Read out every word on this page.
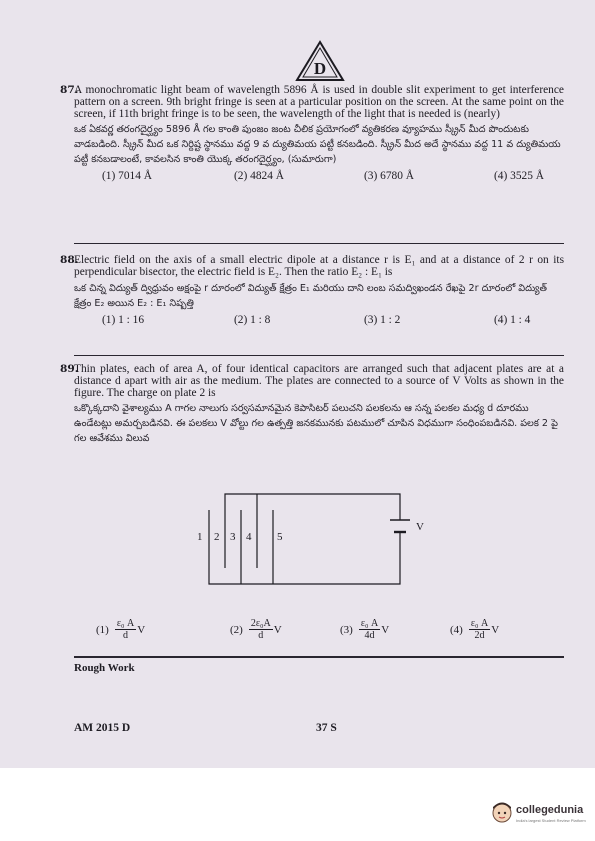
D
87.
A monochromatic light beam of wavelength 5896 Å is used in double slit experiment to get interference pattern on a screen. 9th bright fringe is seen at a particular position on the screen. At the same point on the screen, if 11th bright fringe is to be seen, the wavelength of the light that is needed is (nearly)
ఒక ఏకవర్ణ తరంగదైర్ఘ్యం 5896 Å గల కాంతి పుంజం జంట చీలిక ప్రయోగంలో వ్యతికరణ వ్యూహము స్క్రీన్ మీద పొందుటకు వాడబడింది. స్క్రీన్ మీద ఒక నిర్దిష్ట స్థానము వద్ద 9 వ ద్యుతిమయ పట్టీ కనబడింది. స్క్రీన్ మీద అదే స్థానము వద్ద 11 వ ద్యుతిమయ పట్టీ కనబడాలంటే, కావలసిన కాంతి యొక్క తరంగదైర్ఘ్యం, (సుమారుగా)
(1) 7014 Å	(2) 4824 Å	(3) 6780 Å	(4) 3525 Å
88.
Electric field on the axis of a small electric dipole at a distance r is E₁ and at a distance of 2 r on its perpendicular bisector, the electric field is E₂. Then the ratio E₂ : E₁ is
ఒక చిన్న విద్యుత్ ద్విధ్రువం అక్షంపై r దూరంలో విద్యుత్ క్షేత్రం E₁ మరియు దాని లంబ సమద్విఖండన రేఖపై 2r దూరంలో విద్యుత్ క్షేత్రం E₂ అయిన E₂ : E₁ నిష్పత్తి
(1) 1 : 16	(2) 1 : 8	(3) 1 : 2	(4) 1 : 4
89.
Thin plates, each of area A, of four identical capacitors are arranged such that adjacent plates are at a distance d apart with air as the medium. The plates are connected to a source of V Volts as shown in the figure. The charge on plate 2 is
ఒక్కొక్కదాని వైశాల్యము A గాగల నాలుగు సర్వసమానమైన కెపాసిటర్ పలుచని పలకలను ఆ సన్న పలకల మధ్య d దూరము ఉండేటట్లు అమర్చబడినవి. ఈ పలకలు V వోల్టు గల ఉత్పత్తి జనకమునకు పటములో చూపిన విధముగా సంధింపబడినవి. పలక 2 పై గల ఆవేశము విలువ
1 2 3 4 5
V
$(1) \frac{\text{ε₀ A}}{d}$ V	$(2) \frac{\text{2ε₀A}}{d}$ V	$(3) \frac{\text{ε₀ A}}{4d}$ V	$(4) \frac{\text{ε₀ A}}{2d}$ V
Rough Work
AM 2015 D	37 S
collegedunia
India's largest Student Review Platform
